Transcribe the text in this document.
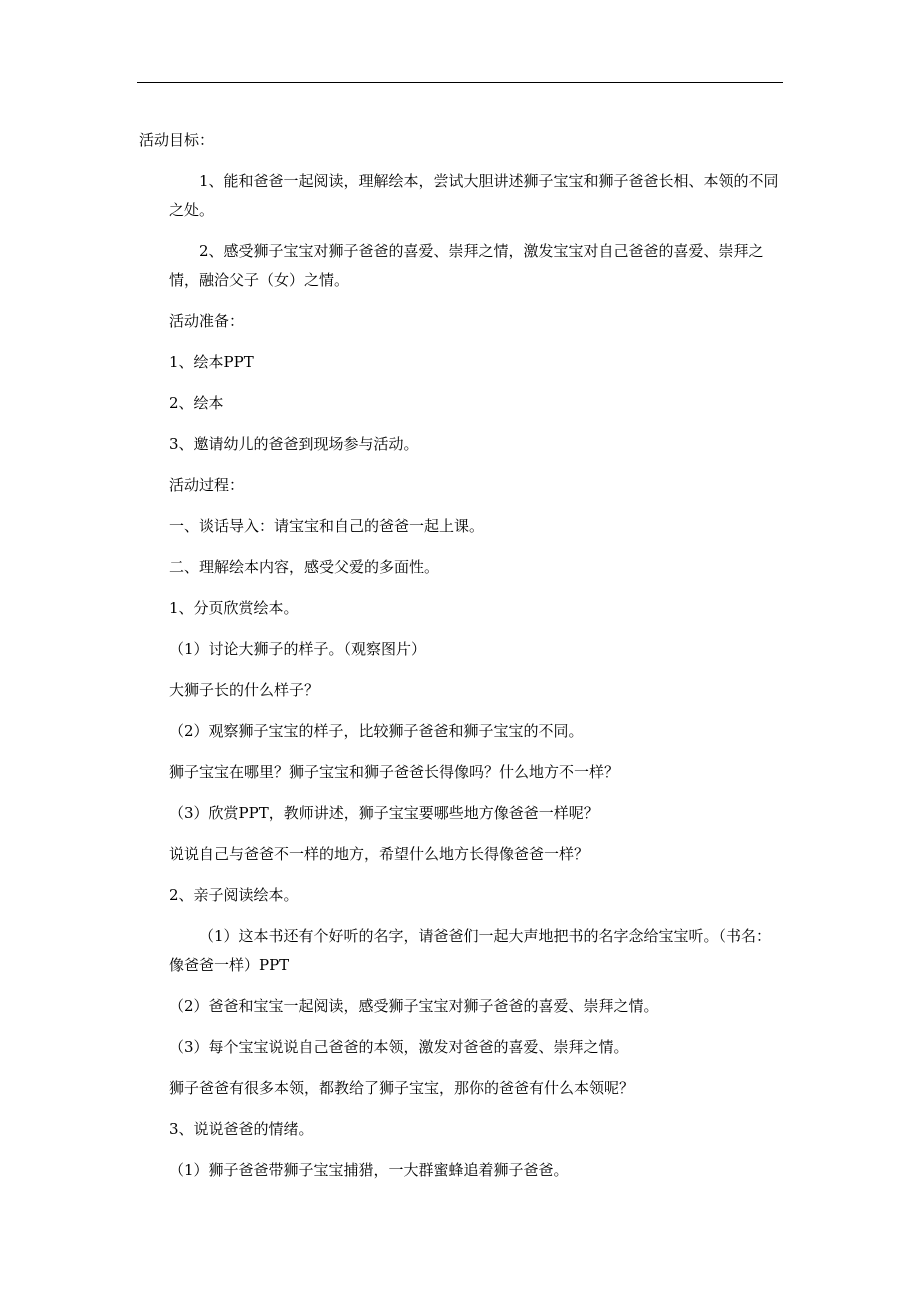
活动目标：

1、能和爸爸一起阅读，理解绘本，尝试大胆讲述狮子宝宝和狮子爸爸长相、本领的不同之处。

2、感受狮子宝宝对狮子爸爸的喜爱、崇拜之情，激发宝宝对自己爸爸的喜爱、崇拜之情，融洽父子（女）之情。

活动准备：

1、绘本PPT

2、绘本

3、邀请幼儿的爸爸到现场参与活动。

活动过程：

一、谈话导入：请宝宝和自己的爸爸一起上课。

二、理解绘本内容，感受父爱的多面性。

1、分页欣赏绘本。

（1）讨论大狮子的样子。（观察图片）

大狮子长的什么样子？

（2）观察狮子宝宝的样子，比较狮子爸爸和狮子宝宝的不同。

狮子宝宝在哪里？狮子宝宝和狮子爸爸长得像吗？什么地方不一样？

（3）欣赏PPT，教师讲述，狮子宝宝要哪些地方像爸爸一样呢？

说说自己与爸爸不一样的地方，希望什么地方长得像爸爸一样？

2、亲子阅读绘本。

（1）这本书还有个好听的名字，请爸爸们一起大声地把书的名字念给宝宝听。（书名：像爸爸一样）PPT

（2）爸爸和宝宝一起阅读，感受狮子宝宝对狮子爸爸的喜爱、崇拜之情。

（3）每个宝宝说说自己爸爸的本领，激发对爸爸的喜爱、崇拜之情。

狮子爸爸有很多本领，都教给了狮子宝宝，那你的爸爸有什么本领呢？

3、说说爸爸的情绪。

（1）狮子爸爸带狮子宝宝捕猎，一大群蜜蜂追着狮子爸爸。
